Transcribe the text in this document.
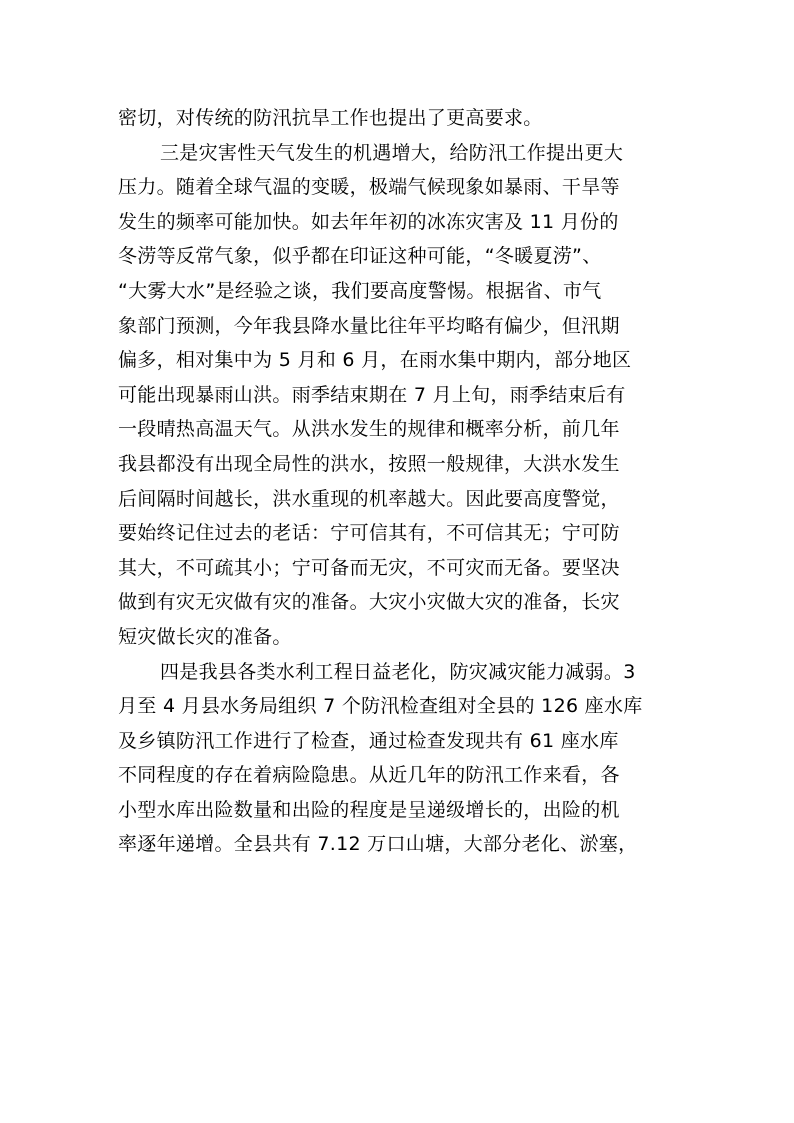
密切，对传统的防汛抗旱工作也提出了更高要求。
三是灾害性天气发生的机遇增大，给防汛工作提出更大
压力。随着全球气温的变暖，极端气候现象如暴雨、干旱等
发生的频率可能加快。如去年年初的冰冻灾害及 11 月份的
冬涝等反常气象，似乎都在印证这种可能，“冬暖夏涝”、
“大雾大水”是经验之谈，我们要高度警惕。根据省、市气
象部门预测，今年我县降水量比往年平均略有偏少，但汛期
偏多，相对集中为 5 月和 6 月，在雨水集中期内，部分地区
可能出现暴雨山洪。雨季结束期在 7 月上旬，雨季结束后有
一段晴热高温天气。从洪水发生的规律和概率分析，前几年
我县都没有出现全局性的洪水，按照一般规律，大洪水发生
后间隔时间越长，洪水重现的机率越大。因此要高度警觉，
要始终记住过去的老话：宁可信其有，不可信其无；宁可防
其大，不可疏其小；宁可备而无灾，不可灾而无备。要坚决
做到有灾无灾做有灾的准备。大灾小灾做大灾的准备，长灾
短灾做长灾的准备。
四是我县各类水利工程日益老化，防灾减灾能力减弱。3
月至 4 月县水务局组织 7 个防汛检查组对全县的 126 座水库
及乡镇防汛工作进行了检查，通过检查发现共有 61 座水库
不同程度的存在着病险隐患。从近几年的防汛工作来看，各
小型水库出险数量和出险的程度是呈递级增长的，出险的机
率逐年递增。全县共有 7.12 万口山塘，大部分老化、淤塞，
